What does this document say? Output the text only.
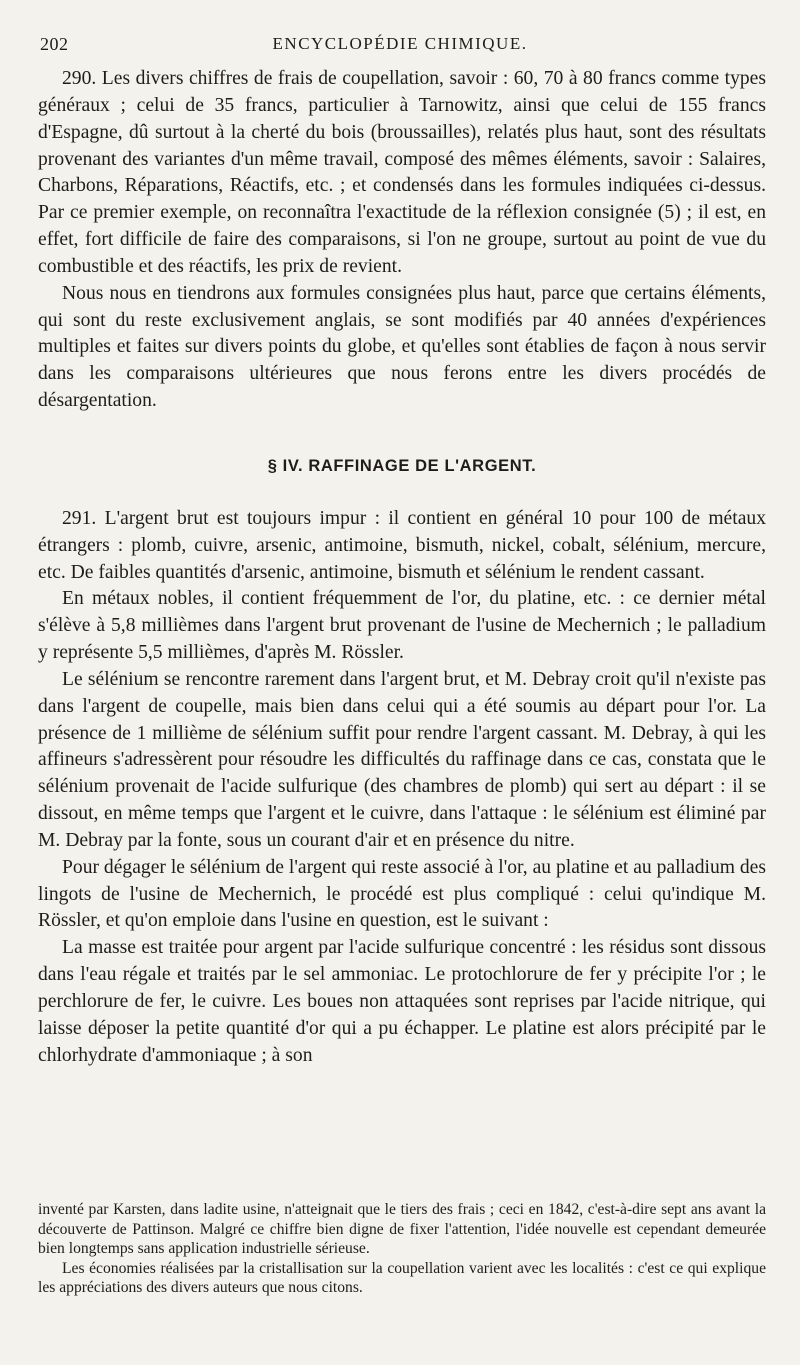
202	ENCYCLOPÉDIE CHIMIQUE.

290. Les divers chiffres de frais de coupellation, savoir : 60, 70 à 80 francs comme types généraux ; celui de 35 francs, particulier à Tarnowitz, ainsi que celui de 155 francs d'Espagne, dû surtout à la cherté du bois (broussailles), relatés plus haut, sont des résultats provenant des variantes d'un même travail, composé des mêmes éléments, savoir : Salaires, Charbons, Réparations, Réactifs, etc. ; et condensés dans les formules indiquées ci-dessus. Par ce premier exemple, on reconnaîtra l'exactitude de la réflexion consignée (5) ; il est, en effet, fort difficile de faire des comparaisons, si l'on ne groupe, surtout au point de vue du combustible et des réactifs, les prix de revient.

Nous nous en tiendrons aux formules consignées plus haut, parce que certains éléments, qui sont du reste exclusivement anglais, se sont modifiés par 40 années d'expériences multiples et faites sur divers points du globe, et qu'elles sont établies de façon à nous servir dans les comparaisons ultérieures que nous ferons entre les divers procédés de désargentation.

§ IV. RAFFINAGE DE L'ARGENT.

291. L'argent brut est toujours impur : il contient en général 10 pour 100 de métaux étrangers : plomb, cuivre, arsenic, antimoine, bismuth, nickel, cobalt, sélénium, mercure, etc. De faibles quantités d'arsenic, antimoine, bismuth et sélénium le rendent cassant.

En métaux nobles, il contient fréquemment de l'or, du platine, etc. : ce dernier métal s'élève à 5,8 millièmes dans l'argent brut provenant de l'usine de Mechernich ; le palladium y représente 5,5 millièmes, d'après M. Rössler.

Le sélénium se rencontre rarement dans l'argent brut, et M. Debray croit qu'il n'existe pas dans l'argent de coupelle, mais bien dans celui qui a été soumis au départ pour l'or. La présence de 1 millième de sélénium suffit pour rendre l'argent cassant. M. Debray, à qui les affineurs s'adressèrent pour résoudre les difficultés du raffinage dans ce cas, constata que le sélénium provenait de l'acide sulfurique (des chambres de plomb) qui sert au départ : il se dissout, en même temps que l'argent et le cuivre, dans l'attaque : le sélénium est éliminé par M. Debray par la fonte, sous un courant d'air et en présence du nitre.

Pour dégager le sélénium de l'argent qui reste associé à l'or, au platine et au palladium des lingots de l'usine de Mechernich, le procédé est plus compliqué : celui qu'indique M. Rössler, et qu'on emploie dans l'usine en question, est le suivant :

La masse est traitée pour argent par l'acide sulfurique concentré : les résidus sont dissous dans l'eau régale et traités par le sel ammoniac. Le protochlorure de fer y précipite l'or ; le perchlorure de fer, le cuivre. Les boues non attaquées sont reprises par l'acide nitrique, qui laisse déposer la petite quantité d'or qui a pu échapper. Le platine est alors précipité par le chlorhydrate d'ammoniaque ; à son

inventé par Karsten, dans ladite usine, n'atteignait que le tiers des frais ; ceci en 1842, c'est-à-dire sept ans avant la découverte de Pattinson. Malgré ce chiffre bien digne de fixer l'attention, l'idée nouvelle est cependant demeurée bien longtemps sans application industrielle sérieuse.

Les économies réalisées par la cristallisation sur la coupellation varient avec les localités : c'est ce qui explique les appréciations des divers auteurs que nous citons.
